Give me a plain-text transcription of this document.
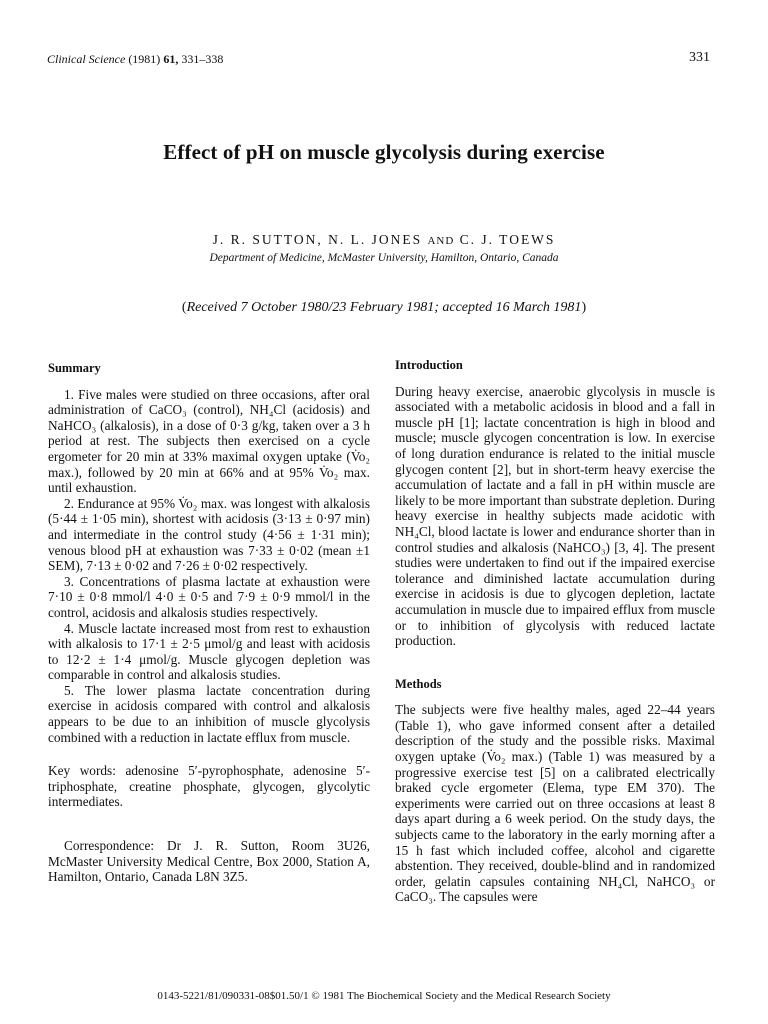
Clinical Science (1981) 61, 331–338	331
Effect of pH on muscle glycolysis during exercise
J. R. SUTTON, N. L. JONES AND C. J. TOEWS
Department of Medicine, McMaster University, Hamilton, Ontario, Canada
(Received 7 October 1980/23 February 1981; accepted 16 March 1981)
Summary

1. Five males were studied on three occasions, after oral administration of CaCO₃ (control), NH₄Cl (acidosis) and NaHCO₃ (alkalosis), in a dose of 0·3 g/kg, taken over a 3 h period at rest. The subjects then exercised on a cycle ergometer for 20 min at 33% maximal oxygen uptake (V̇o₂ max.), followed by 20 min at 66% and at 95% V̇o₂ max. until exhaustion.

2. Endurance at 95% V̇o₂ max. was longest with alkalosis (5·44 ± 1·05 min), shortest with acidosis (3·13 ± 0·97 min) and intermediate in the control study (4·56 ± 1·31 min); venous blood pH at exhaustion was 7·33 ± 0·02 (mean ±1 SEM), 7·13 ± 0·02 and 7·26 ± 0·02 respectively.

3. Concentrations of plasma lactate at exhaustion were 7·10 ± 0·8 mmol/l 4·0 ± 0·5 and 7·9 ± 0·9 mmol/l in the control, acidosis and alkalosis studies respectively.

4. Muscle lactate increased most from rest to exhaustion with alkalosis to 17·1 ± 2·5 μmol/g and least with acidosis to 12·2 ± 1·4 μmol/g. Muscle glycogen depletion was comparable in control and alkalosis studies.

5. The lower plasma lactate concentration during exercise in acidosis compared with control and alkalosis appears to be due to an inhibition of muscle glycolysis combined with a reduction in lactate efflux from muscle.

Key words: adenosine 5′-pyrophosphate, adenosine 5′-triphosphate, creatine phosphate, glycogen, glycolytic intermediates.

Correspondence: Dr J. R. Sutton, Room 3U26, McMaster University Medical Centre, Box 2000, Station A, Hamilton, Ontario, Canada L8N 3Z5.

Introduction

During heavy exercise, anaerobic glycolysis in muscle is associated with a metabolic acidosis in blood and a fall in muscle pH [1]; lactate concentration is high in blood and muscle; muscle glycogen concentration is low. In exercise of long duration endurance is related to the initial muscle glycogen content [2], but in short-term heavy exercise the accumulation of lactate and a fall in pH within muscle are likely to be more important than substrate depletion. During heavy exercise in healthy subjects made acidotic with NH₄Cl, blood lactate is lower and endurance shorter than in control studies and alkalosis (NaHCO₃) [3, 4]. The present studies were undertaken to find out if the impaired exercise tolerance and diminished lactate accumulation during exercise in acidosis is due to glycogen depletion, lactate accumulation in muscle due to impaired efflux from muscle or to inhibition of glycolysis with reduced lactate production.

Methods

The subjects were five healthy males, aged 22–44 years (Table 1), who gave informed consent after a detailed description of the study and the possible risks. Maximal oxygen uptake (V̇o₂ max.) (Table 1) was measured by a progressive exercise test [5] on a calibrated electrically braked cycle ergometer (Elema, type EM 370). The experiments were carried out on three occasions at least 8 days apart during a 6 week period. On the study days, the subjects came to the laboratory in the early morning after a 15 h fast which included coffee, alcohol and cigarette abstention. They received, double-blind and in randomized order, gelatin capsules containing NH₄Cl, NaHCO₃ or CaCO₃. The capsules were

0143-5221/81/090331-08$01.50/1 © 1981 The Biochemical Society and the Medical Research Society
